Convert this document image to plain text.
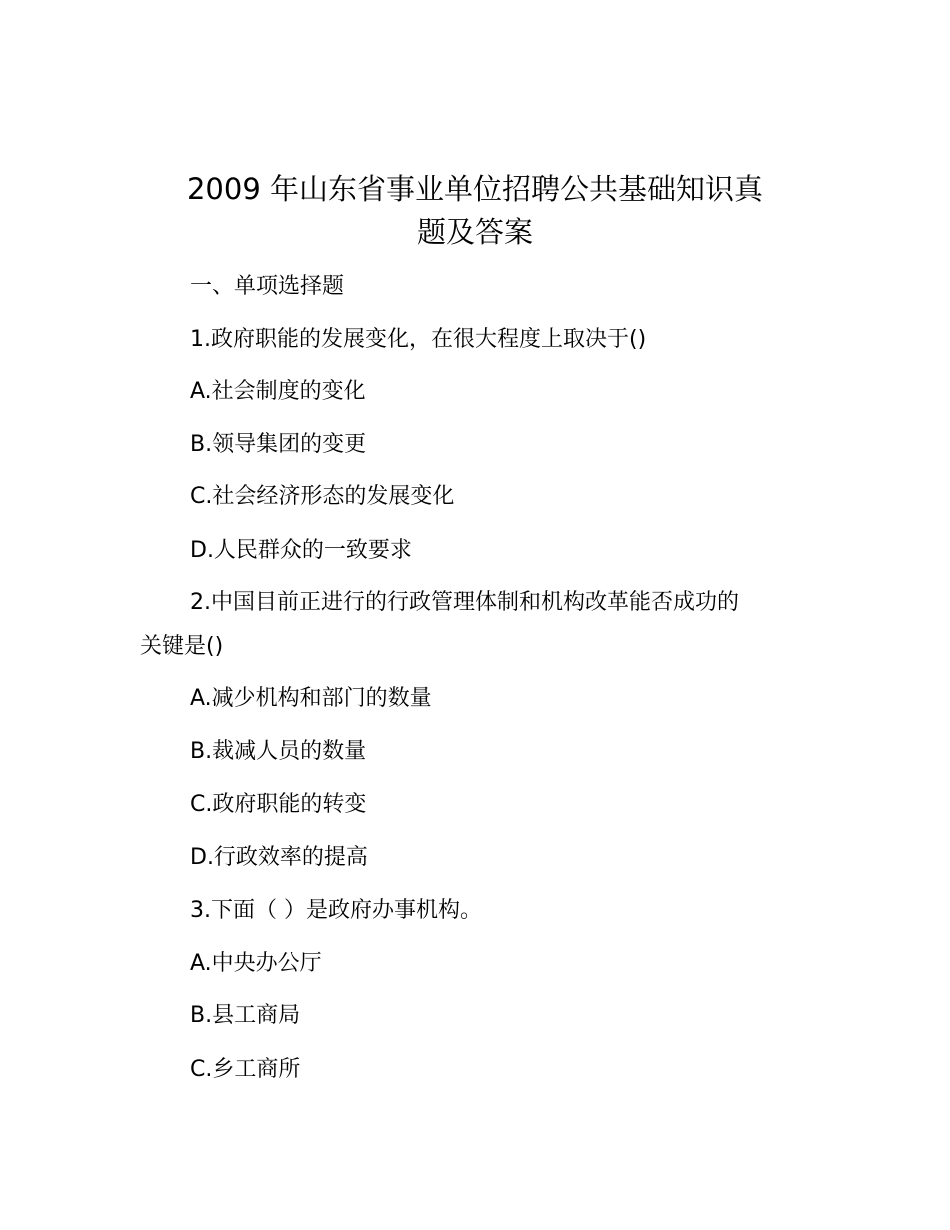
2009 年山东省事业单位招聘公共基础知识真
题及答案

一、单项选择题

1.政府职能的发展变化，在很大程度上取决于()

A.社会制度的变化

B.领导集团的变更

C.社会经济形态的发展变化

D.人民群众的一致要求

2.中国目前正进行的行政管理体制和机构改革能否成功的

关键是()

A.减少机构和部门的数量

B.裁减人员的数量

C.政府职能的转变

D.行政效率的提高

3.下面（ ）是政府办事机构。

A.中央办公厅

B.县工商局

C.乡工商所
